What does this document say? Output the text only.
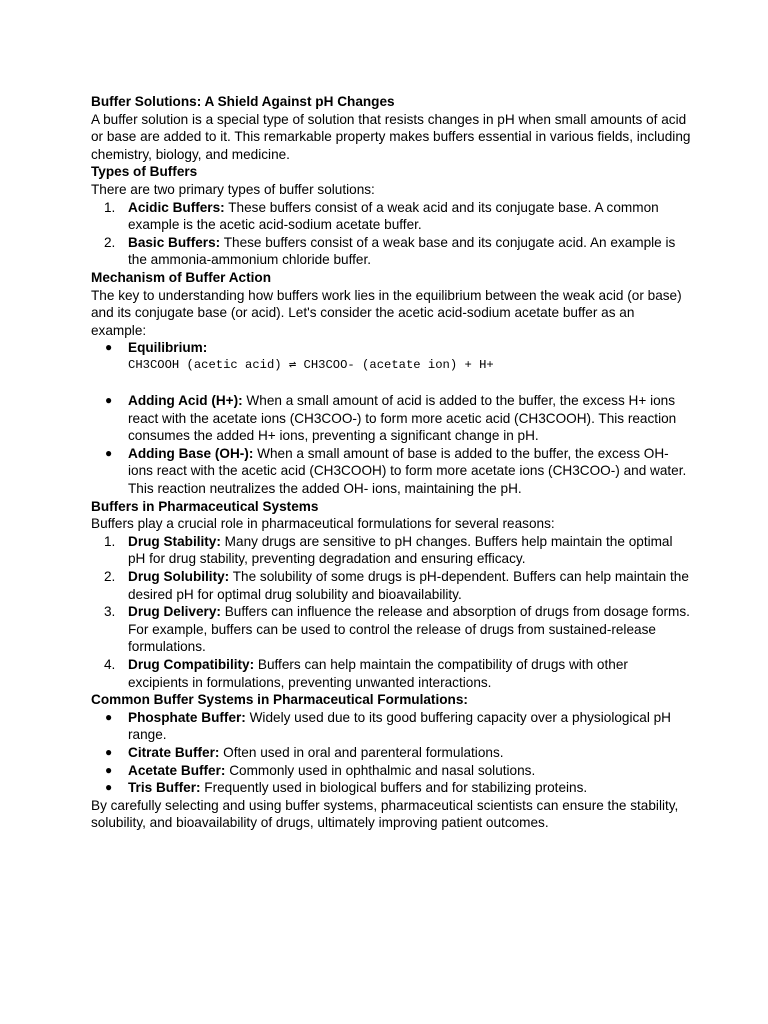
Buffer Solutions: A Shield Against pH Changes

A buffer solution is a special type of solution that resists changes in pH when small amounts of acid or base are added to it. This remarkable property makes buffers essential in various fields, including chemistry, biology, and medicine.

Types of Buffers

There are two primary types of buffer solutions:

1. Acidic Buffers: These buffers consist of a weak acid and its conjugate base. A common example is the acetic acid-sodium acetate buffer.
2. Basic Buffers: These buffers consist of a weak base and its conjugate acid. An example is the ammonia-ammonium chloride buffer.

Mechanism of Buffer Action

The key to understanding how buffers work lies in the equilibrium between the weak acid (or base) and its conjugate base (or acid). Let's consider the acetic acid-sodium acetate buffer as an example:

● Equilibrium:
CH3COOH (acetic acid) ⇌ CH3COO- (acetate ion) + H+
● Adding Acid (H+): When a small amount of acid is added to the buffer, the excess H+ ions react with the acetate ions (CH3COO-) to form more acetic acid (CH3COOH). This reaction consumes the added H+ ions, preventing a significant change in pH.
● Adding Base (OH-): When a small amount of base is added to the buffer, the excess OH- ions react with the acetic acid (CH3COOH) to form more acetate ions (CH3COO-) and water. This reaction neutralizes the added OH- ions, maintaining the pH.

Buffers in Pharmaceutical Systems

Buffers play a crucial role in pharmaceutical formulations for several reasons:

1. Drug Stability: Many drugs are sensitive to pH changes. Buffers help maintain the optimal pH for drug stability, preventing degradation and ensuring efficacy.
2. Drug Solubility: The solubility of some drugs is pH-dependent. Buffers can help maintain the desired pH for optimal drug solubility and bioavailability.
3. Drug Delivery: Buffers can influence the release and absorption of drugs from dosage forms. For example, buffers can be used to control the release of drugs from sustained-release formulations.
4. Drug Compatibility: Buffers can help maintain the compatibility of drugs with other excipients in formulations, preventing unwanted interactions.

Common Buffer Systems in Pharmaceutical Formulations:

● Phosphate Buffer: Widely used due to its good buffering capacity over a physiological pH range.
● Citrate Buffer: Often used in oral and parenteral formulations.
● Acetate Buffer: Commonly used in ophthalmic and nasal solutions.
● Tris Buffer: Frequently used in biological buffers and for stabilizing proteins.

By carefully selecting and using buffer systems, pharmaceutical scientists can ensure the stability, solubility, and bioavailability of drugs, ultimately improving patient outcomes.
